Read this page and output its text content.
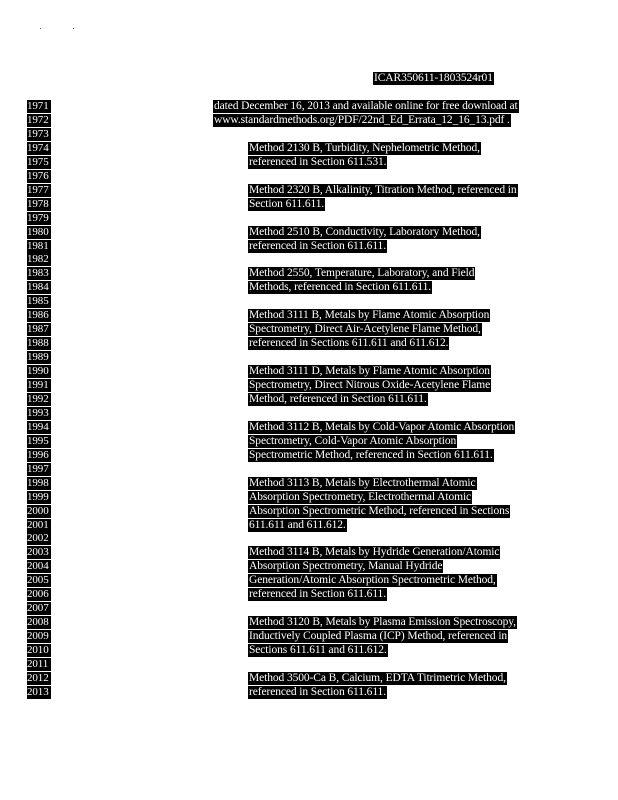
ICAR350611-1803524r01
1971
1972
1973
1974
1975
1976
1977
1978
1979
1980
1981
1982
1983
1984
1985
1986
1987
1988
1989
1990
1991
1992
1993
1994
1995
1996
1997
1998
1999
2000
2001
2002
2003
2004
2005
2006
2007
2008
2009
2010
2011
2012
2013
dated December 16, 2013 and available online for free download at
www.standardmethods.org/PDF/22nd_Ed_Errata_12_16_13.pdf .
Method 2130 B, Turbidity, Nephelometric Method,
referenced in Section 611.531.
Method 2320 B, Alkalinity, Titration Method, referenced in
Section 611.611.
Method 2510 B, Conductivity, Laboratory Method,
referenced in Section 611.611.
Method 2550, Temperature, Laboratory, and Field
Methods, referenced in Section 611.611.
Method 3111 B, Metals by Flame Atomic Absorption
Spectrometry, Direct Air-Acetylene Flame Method,
referenced in Sections 611.611 and 611.612.
Method 3111 D, Metals by Flame Atomic Absorption
Spectrometry, Direct Nitrous Oxide-Acetylene Flame
Method, referenced in Section 611.611.
Method 3112 B, Metals by Cold-Vapor Atomic Absorption
Spectrometry, Cold-Vapor Atomic Absorption
Spectrometric Method, referenced in Section 611.611.
Method 3113 B, Metals by Electrothermal Atomic
Absorption Spectrometry, Electrothermal Atomic
Absorption Spectrometric Method, referenced in Sections
611.611 and 611.612.
Method 3114 B, Metals by Hydride Generation/Atomic
Absorption Spectrometry, Manual Hydride
Generation/Atomic Absorption Spectrometric Method,
referenced in Section 611.611.
Method 3120 B, Metals by Plasma Emission Spectroscopy,
Inductively Coupled Plasma (ICP) Method, referenced in
Sections 611.611 and 611.612.
Method 3500-Ca B, Calcium, EDTA Titrimetric Method,
referenced in Section 611.611.
